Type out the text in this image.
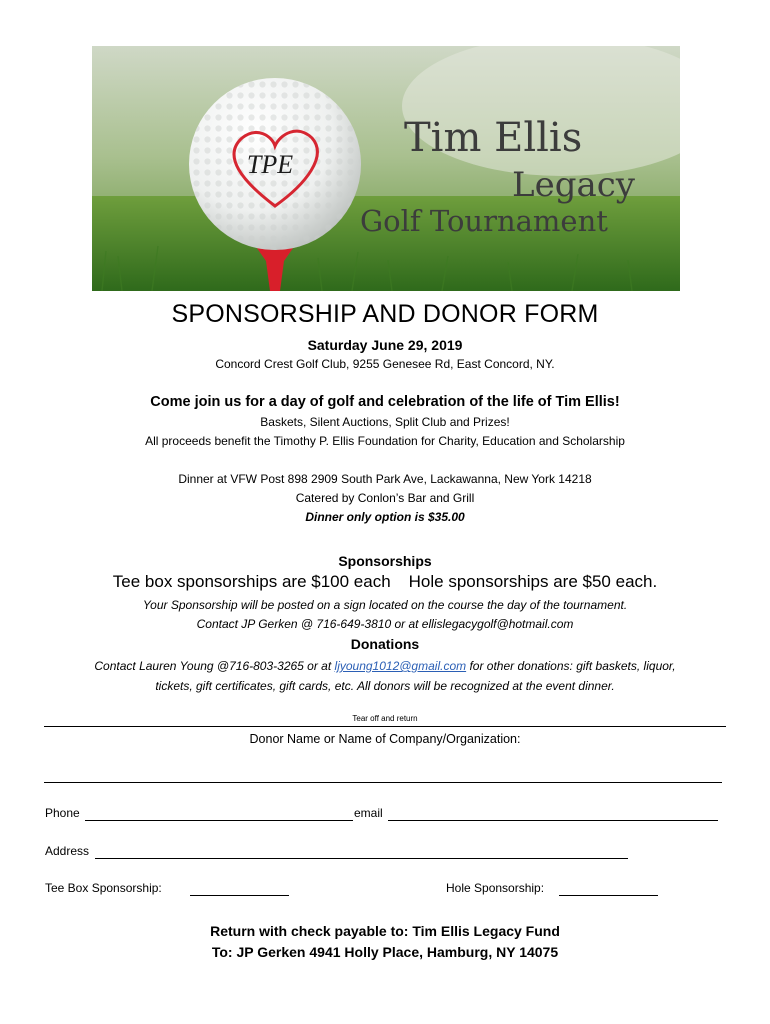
TPE
Tim Ellis
Legacy
Golf Tournament
SPONSORSHIP AND DONOR FORM
Saturday June 29, 2019
Concord Crest Golf Club, 9255 Genesee Rd, East Concord, NY.
Come join us for a day of golf and celebration of the life of Tim Ellis!
Baskets, Silent Auctions, Split Club and Prizes!
All proceeds benefit the Timothy P. Ellis Foundation for Charity, Education and Scholarship
Dinner at VFW Post 898 2909 South Park Ave, Lackawanna, New York 14218
Catered by Conlon’s Bar and Grill
Dinner only option is $35.00
Sponsorships
Tee box sponsorships are $100 each Hole sponsorships are $50 each.
Your Sponsorship will be posted on a sign located on the course the day of the tournament.
Contact JP Gerken @ 716-649-3810 or at ellislegacygolf@hotmail.com
Donations
Contact Lauren Young @716-803-3265 or at ljyoung1012@gmail.com for other donations: gift baskets, liquor,
tickets, gift certificates, gift cards, etc. All donors will be recognized at the event dinner.
Tear off and return
Donor Name or Name of Company/Organization:
Phone	email
Address
Tee Box Sponsorship:	Hole Sponsorship:
Return with check payable to: Tim Ellis Legacy Fund
To: JP Gerken 4941 Holly Place, Hamburg, NY 14075
